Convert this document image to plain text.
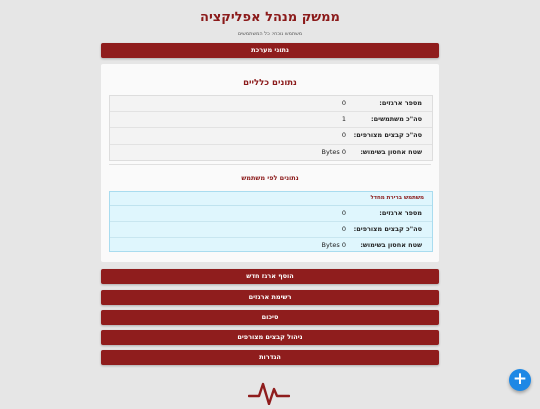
ממשק מנהל אפליקציה
משתמש נוכחי: כל המשתמשים
נתוני מערכת
נתונים כלליים
מספר ארגזים:
0
סה"כ משתמשים:
1
סה"כ קבצים מצורפים:
0
שטח אחסון בשימוש:
0 Bytes
נתונים לפי משתמש
משתמש ברירת מחדל
מספר ארגזים:
0
סה"כ קבצים מצורפים:
0
שטח אחסון בשימוש:
0 Bytes
הוסף ארגז חדש
רשימת ארגזים
סיכום
ניהול קבצים מצורפים
הגדרות
+
